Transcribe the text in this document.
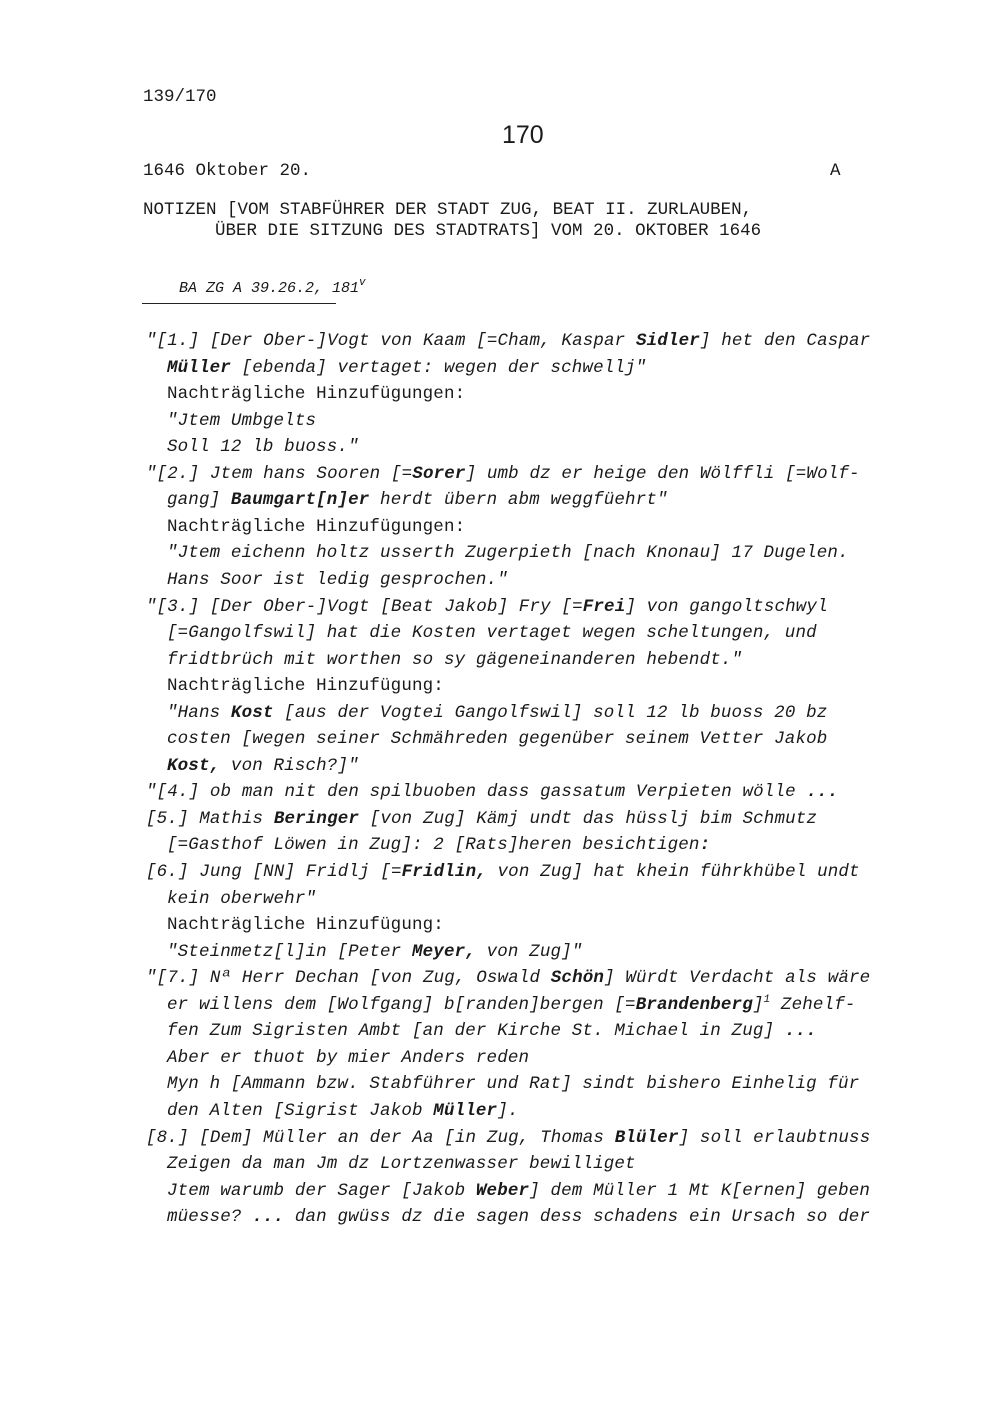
139/170
170
1646 Oktober 20.	A
NOTIZEN [VOM STABFÜHRER DER STADT ZUG, BEAT II. ZURLAUBEN,
ÜBER DIE SITZUNG DES STADTRATS] VOM 20. OKTOBER 1646

BA ZG A 39.26.2, 181$^v$

"[1.] [Der Ober-]Vogt von Kaam [=Cham, Kaspar Sidler] het den Caspar
Müller [ebenda] vertaget: wegen der schwellj"
Nachträgliche Hinzufügungen:
"Jtem Umbgelts
Soll 12 lb buoss."
"[2.] Jtem hans Sooren [=Sorer] umb dz er heige den Wölffli [=Wolf-
gang] Baumgart[n]er herdt übern abm weggfüehrt"
Nachträgliche Hinzufügungen:
"Jtem eichenn holtz usserth Zugerpieth [nach Knonau] 17 Dugelen.
Hans Soor ist ledig gesprochen."
"[3.] [Der Ober-]Vogt [Beat Jakob] Fry [=Frei] von gangoltschwyl
[=Gangolfswil] hat die Kosten vertaget wegen scheltungen, und
fridtbrüch mit worthen so sy gägeneinanderen hebendt."
Nachträgliche Hinzufügung:
"Hans Kost [aus der Vogtei Gangolfswil] soll 12 lb buoss 20 bz
costen [wegen seiner Schmähreden gegenüber seinem Vetter Jakob
Kost, von Risch?]"
"[4.] ob man nit den spilbuoben dass gassatum Verpieten wölle ...
[5.] Mathis Beringer [von Zug] Kämj undt das hüsslj bim Schmutz
[=Gasthof Löwen in Zug]: 2 [Rats]heren besichtigen:
[6.] Jung [NN] Fridlj [=Fridlin, von Zug] hat khein führkhübel undt
kein oberwehr"
Nachträgliche Hinzufügung:
"Steinmetz[l]in [Peter Meyer, von Zug]"
"[7.] Nª Herr Dechan [von Zug, Oswald Schön] Würdt Verdacht als wäre
er willens dem [Wolfgang] b[randen]bergen [=Brandenberg]$^1$ Zehelf-
fen Zum Sigristen Ambt [an der Kirche St. Michael in Zug] ...
Aber er thuot by mier Anders reden
Myn h [Ammann bzw. Stabführer und Rat] sindt bishero Einhelig für
den Alten [Sigrist Jakob Müller].
[8.] [Dem] Müller an der Aa [in Zug, Thomas Blüler] soll erlaubtnuss
Zeigen da man Jm dz Lortzenwasser bewilliget
Jtem warumb der Sager [Jakob Weber] dem Müller 1 Mt K[ernen] geben
müesse? ... dan gwüss dz die sagen dess schadens ein Ursach so der
